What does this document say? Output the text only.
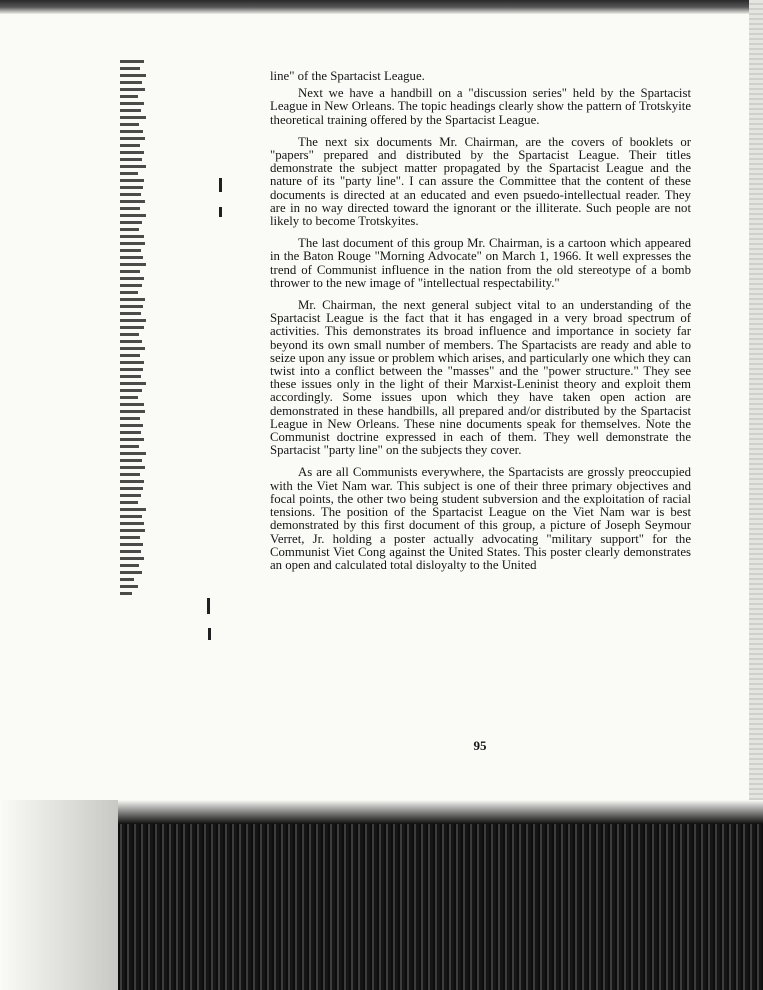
line" of the Spartacist League.

Next we have a handbill on a "discussion series" held by the Spartacist League in New Orleans. The topic headings clearly show the pattern of Trotskyite theoretical training offered by the Spartacist League.

The next six documents Mr. Chairman, are the covers of booklets or "papers" prepared and distributed by the Spartacist League. Their titles demonstrate the subject matter propagated by the Spartacist League and the nature of its "party line". I can assure the Committee that the content of these documents is directed at an educated and even psuedo-intellectual reader. They are in no way directed toward the ignorant or the illiterate. Such people are not likely to become Trotskyites.

The last document of this group Mr. Chairman, is a cartoon which appeared in the Baton Rouge "Morning Advocate" on March 1, 1966. It well expresses the trend of Communist influence in the nation from the old stereotype of a bomb thrower to the new image of "intellectual respectability."

Mr. Chairman, the next general subject vital to an understanding of the Spartacist League is the fact that it has engaged in a very broad spectrum of activities. This demonstrates its broad influence and importance in society far beyond its own small number of members. The Spartacists are ready and able to seize upon any issue or problem which arises, and particularly one which they can twist into a conflict between the "masses" and the "power structure." They see these issues only in the light of their Marxist-Leninist theory and exploit them accordingly. Some issues upon which they have taken open action are demonstrated in these handbills, all prepared and/or distributed by the Spartacist League in New Orleans. These nine documents speak for themselves. Note the Communist doctrine expressed in each of them. They well demonstrate the Spartacist "party line" on the subjects they cover.

As are all Communists everywhere, the Spartacists are grossly preoccupied with the Viet Nam war. This subject is one of their three primary objectives and focal points, the other two being student subversion and the exploitation of racial tensions. The position of the Spartacist League on the Viet Nam war is best demonstrated by this first document of this group, a picture of Joseph Seymour Verret, Jr. holding a poster actually advocating "military support" for the Communist Viet Cong against the United States. This poster clearly demonstrates an open and calculated total disloyalty to the United

95
